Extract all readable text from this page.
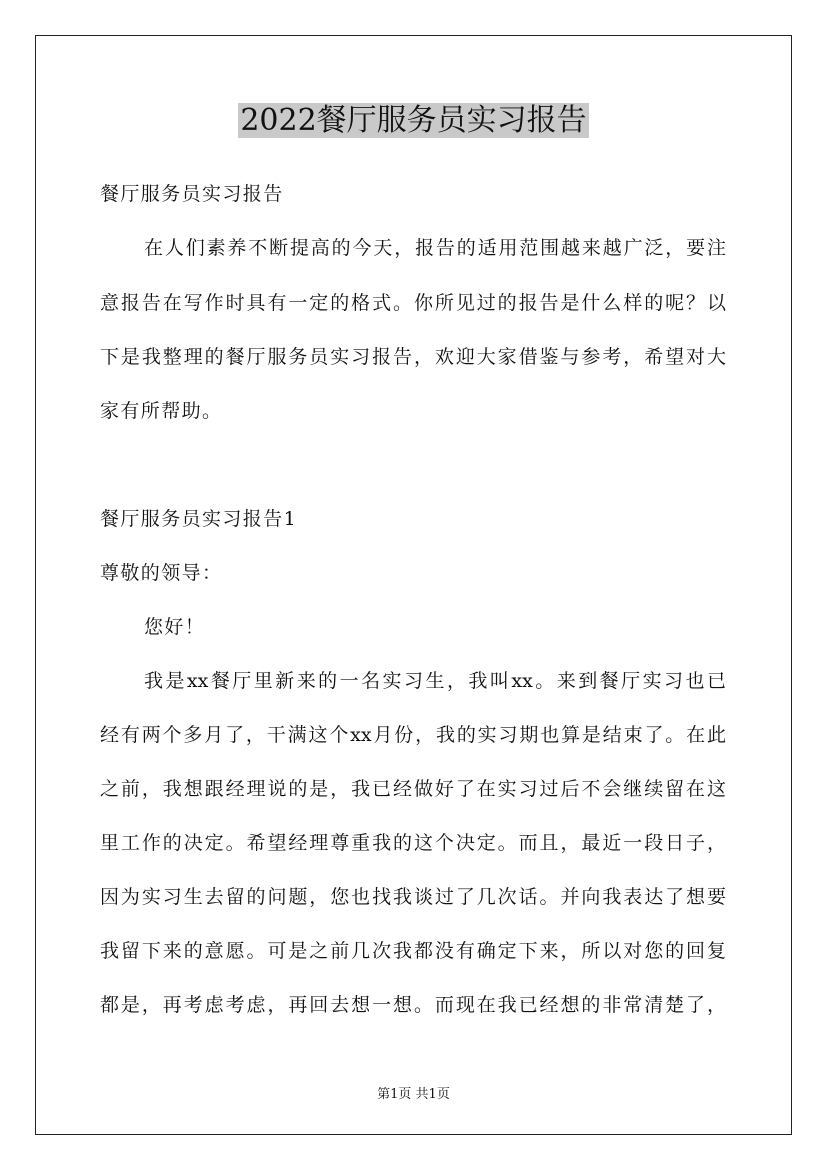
2022餐厅服务员实习报告
餐厅服务员实习报告
在人们素养不断提高的今天，报告的适用范围越来越广泛，要注
意报告在写作时具有一定的格式。你所见过的报告是什么样的呢？以
下是我整理的餐厅服务员实习报告，欢迎大家借鉴与参考，希望对大
家有所帮助。
餐厅服务员实习报告1
尊敬的领导：
您好！
我是xx餐厅里新来的一名实习生，我叫xx。来到餐厅实习也已
经有两个多月了，干满这个xx月份，我的实习期也算是结束了。在此
之前，我想跟经理说的是，我已经做好了在实习过后不会继续留在这
里工作的决定。希望经理尊重我的这个决定。而且，最近一段日子，
因为实习生去留的问题，您也找我谈过了几次话。并向我表达了想要
我留下来的意愿。可是之前几次我都没有确定下来，所以对您的回复
都是，再考虑考虑，再回去想一想。而现在我已经想的非常清楚了，
第1页 共1页
